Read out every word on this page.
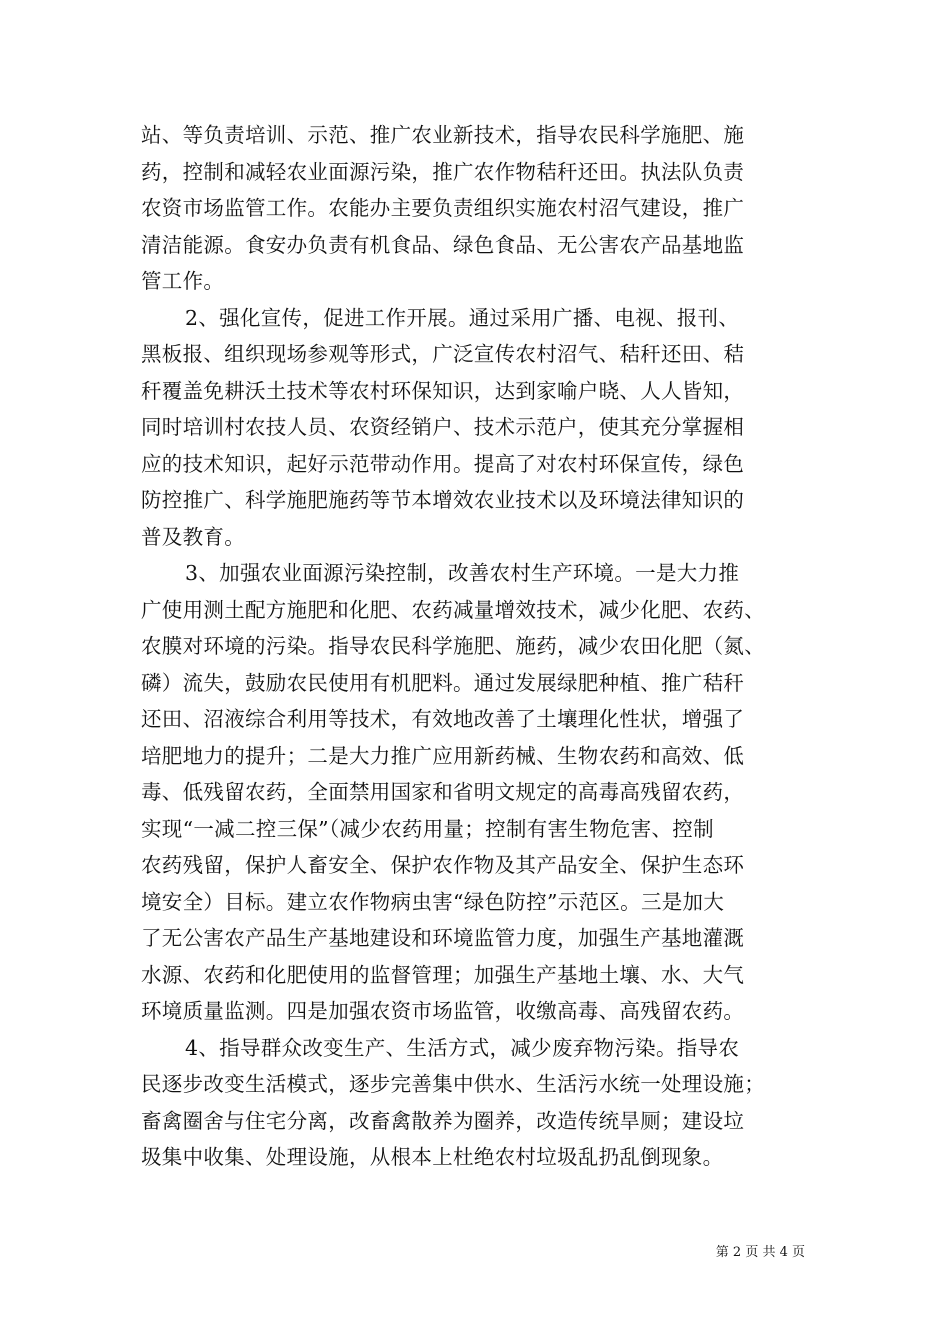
站、等负责培训、示范、推广农业新技术，指导农民科学施肥、施
药，控制和减轻农业面源污染，推广农作物秸秆还田。执法队负责
农资市场监管工作。农能办主要负责组织实施农村沼气建设，推广
清洁能源。食安办负责有机食品、绿色食品、无公害农产品基地监
管工作。
2、强化宣传，促进工作开展。通过采用广播、电视、报刊、
黑板报、组织现场参观等形式，广泛宣传农村沼气、秸秆还田、秸
秆覆盖免耕沃土技术等农村环保知识，达到家喻户晓、人人皆知，
同时培训村农技人员、农资经销户、技术示范户，使其充分掌握相
应的技术知识，起好示范带动作用。提高了对农村环保宣传，绿色
防控推广、科学施肥施药等节本增效农业技术以及环境法律知识的
普及教育。
3、加强农业面源污染控制，改善农村生产环境。一是大力推
广使用测土配方施肥和化肥、农药减量增效技术，减少化肥、农药、
农膜对环境的污染。指导农民科学施肥、施药，减少农田化肥（氮、
磷）流失，鼓励农民使用有机肥料。通过发展绿肥种植、推广秸秆
还田、沼液综合利用等技术，有效地改善了土壤理化性状，增强了
培肥地力的提升；二是大力推广应用新药械、生物农药和高效、低
毒、低残留农药，全面禁用国家和省明文规定的高毒高残留农药，
实现“一减二控三保”（减少农药用量；控制有害生物危害、控制
农药残留，保护人畜安全、保护农作物及其产品安全、保护生态环
境安全）目标。建立农作物病虫害“绿色防控”示范区。三是加大
了无公害农产品生产基地建设和环境监管力度，加强生产基地灌溉
水源、农药和化肥使用的监督管理；加强生产基地土壤、水、大气
环境质量监测。四是加强农资市场监管，收缴高毒、高残留农药。
4、指导群众改变生产、生活方式，减少废弃物污染。指导农
民逐步改变生活模式，逐步完善集中供水、生活污水统一处理设施；
畜禽圈舍与住宅分离，改畜禽散养为圈养，改造传统旱厕；建设垃
圾集中收集、处理设施，从根本上杜绝农村垃圾乱扔乱倒现象。
第 2 页 共 4 页
